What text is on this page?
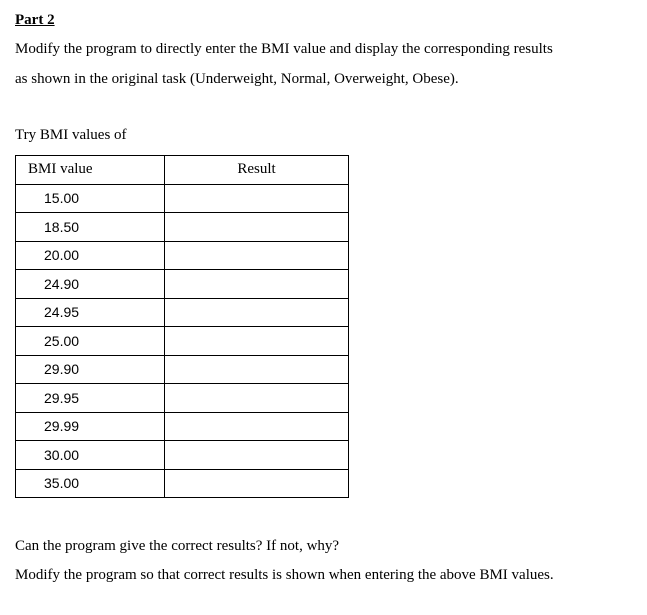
Part 2
Modify the program to directly enter the BMI value and display the corresponding results
as shown in the original task (Underweight, Normal, Overweight, Obese).
Try BMI values of
BMI value	Result
15.00	
18.50	
20.00	
24.90	
24.95	
25.00	
29.90	
29.95	
29.99	
30.00	
35.00	
Can the program give the correct results? If not, why?
Modify the program so that correct results is shown when entering the above BMI values.
